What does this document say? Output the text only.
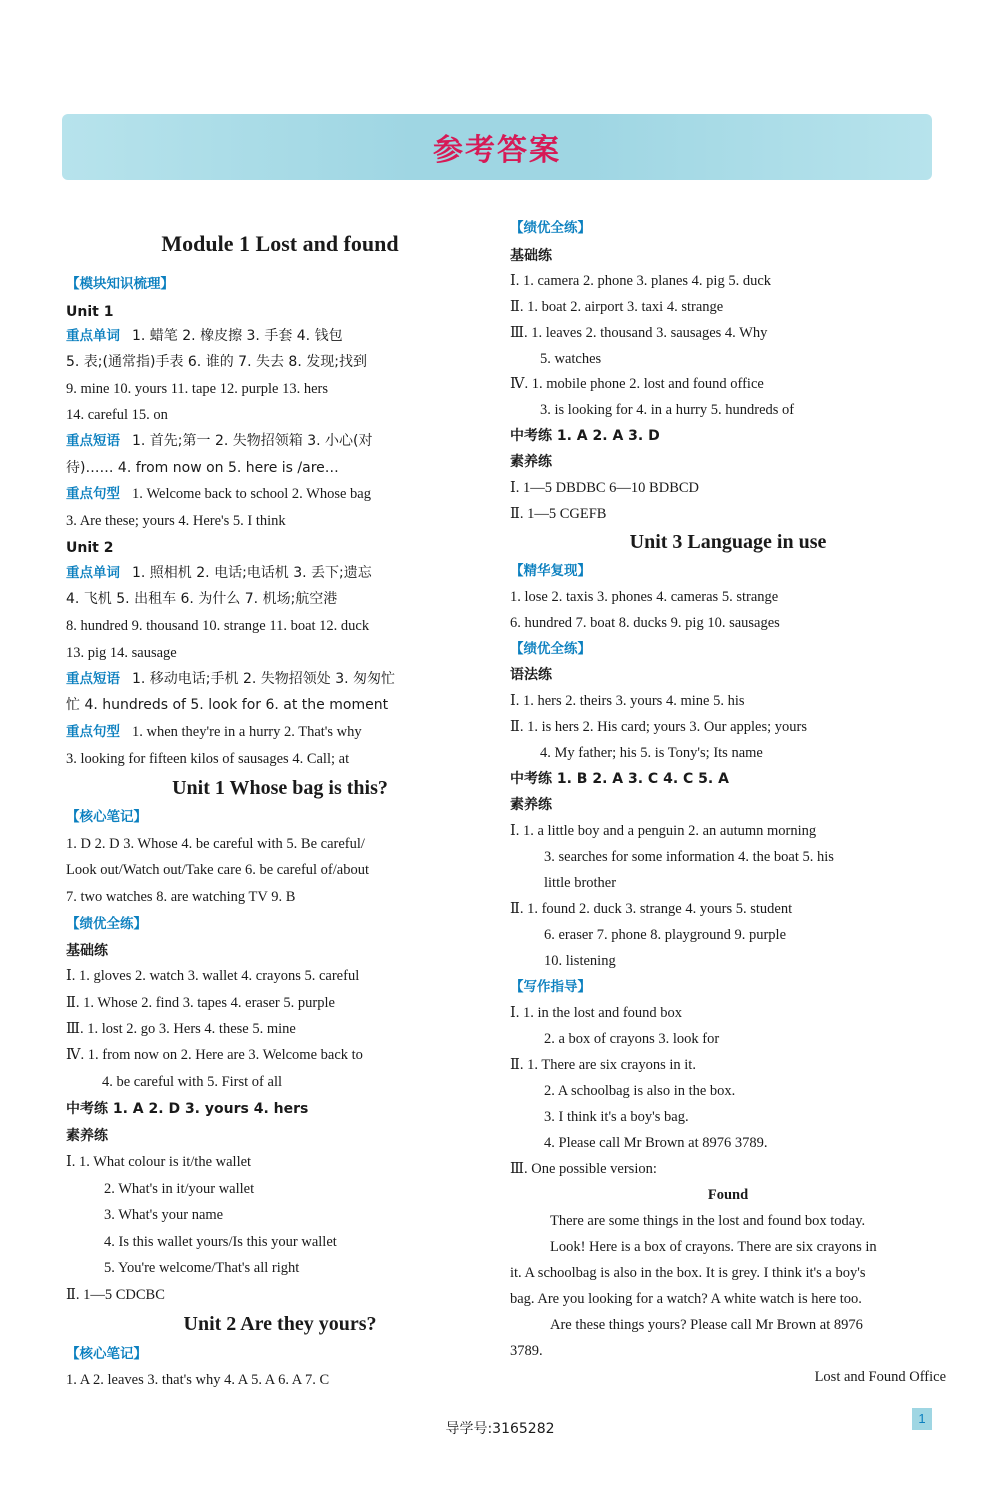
参考答案
Module 1 Lost and found
【模块知识梳理】
Unit 1
重点单词 1. 蜡笔 2. 橡皮擦 3. 手套 4. 钱包
5. 表;(通常指)手表 6. 谁的 7. 失去 8. 发现;找到
9. mine 10. yours 11. tape 12. purple 13. hers
14. careful 15. on
重点短语 1. 首先;第一 2. 失物招领箱 3. 小心(对
待)…… 4. from now on 5. here is /are…
重点句型 1. Welcome back to school 2. Whose bag
3. Are these; yours 4. Here's 5. I think
Unit 2
重点单词 1. 照相机 2. 电话;电话机 3. 丢下;遗忘
4. 飞机 5. 出租车 6. 为什么 7. 机场;航空港
8. hundred 9. thousand 10. strange 11. boat 12. duck
13. pig 14. sausage
重点短语 1. 移动电话;手机 2. 失物招领处 3. 匆匆忙
忙 4. hundreds of 5. look for 6. at the moment
重点句型 1. when they're in a hurry 2. That's why
3. looking for fifteen kilos of sausages 4. Call; at
Unit 1 Whose bag is this?
【核心笔记】
1. D 2. D 3. Whose 4. be careful with 5. Be careful/
Look out/Watch out/Take care 6. be careful of/about
7. two watches 8. are watching TV 9. B
【绩优全练】
基础练
Ⅰ. 1. gloves 2. watch 3. wallet 4. crayons 5. careful
Ⅱ. 1. Whose 2. find 3. tapes 4. eraser 5. purple
Ⅲ. 1. lost 2. go 3. Hers 4. these 5. mine
Ⅳ. 1. from now on 2. Here are 3. Welcome back to
4. be careful with 5. First of all
中考练 1. A 2. D 3. yours 4. hers
素养练
Ⅰ. 1. What colour is it/the wallet
2. What's in it/your wallet
3. What's your name
4. Is this wallet yours/Is this your wallet
5. You're welcome/That's all right
Ⅱ. 1—5 CDCBC
Unit 2 Are they yours?
【核心笔记】
1. A 2. leaves 3. that's why 4. A 5. A 6. A 7. C
【绩优全练】
基础练
Ⅰ. 1. camera 2. phone 3. planes 4. pig 5. duck
Ⅱ. 1. boat 2. airport 3. taxi 4. strange
Ⅲ. 1. leaves 2. thousand 3. sausages 4. Why
5. watches
Ⅳ. 1. mobile phone 2. lost and found office
3. is looking for 4. in a hurry 5. hundreds of
中考练 1. A 2. A 3. D
素养练
Ⅰ. 1—5 DBDBC 6—10 BDBCD
Ⅱ. 1—5 CGEFB
Unit 3 Language in use
【精华复现】
1. lose 2. taxis 3. phones 4. cameras 5. strange
6. hundred 7. boat 8. ducks 9. pig 10. sausages
【绩优全练】
语法练
Ⅰ. 1. hers 2. theirs 3. yours 4. mine 5. his
Ⅱ. 1. is hers 2. His card; yours 3. Our apples; yours
4. My father; his 5. is Tony's; Its name
中考练 1. B 2. A 3. C 4. C 5. A
素养练
Ⅰ. 1. a little boy and a penguin 2. an autumn morning
3. searches for some information 4. the boat 5. his
little brother
Ⅱ. 1. found 2. duck 3. strange 4. yours 5. student
6. eraser 7. phone 8. playground 9. purple
10. listening
【写作指导】
Ⅰ. 1. in the lost and found box
2. a box of crayons 3. look for
Ⅱ. 1. There are six crayons in it.
2. A schoolbag is also in the box.
3. I think it's a boy's bag.
4. Please call Mr Brown at 8976 3789.
Ⅲ. One possible version:
Found
There are some things in the lost and found box today.
Look! Here is a box of crayons. There are six crayons in
it. A schoolbag is also in the box. It is grey. I think it's a boy's
bag. Are you looking for a watch? A white watch is here too.
Are these things yours? Please call Mr Brown at 8976
3789.
Lost and Found Office
导学号:3165282
1
